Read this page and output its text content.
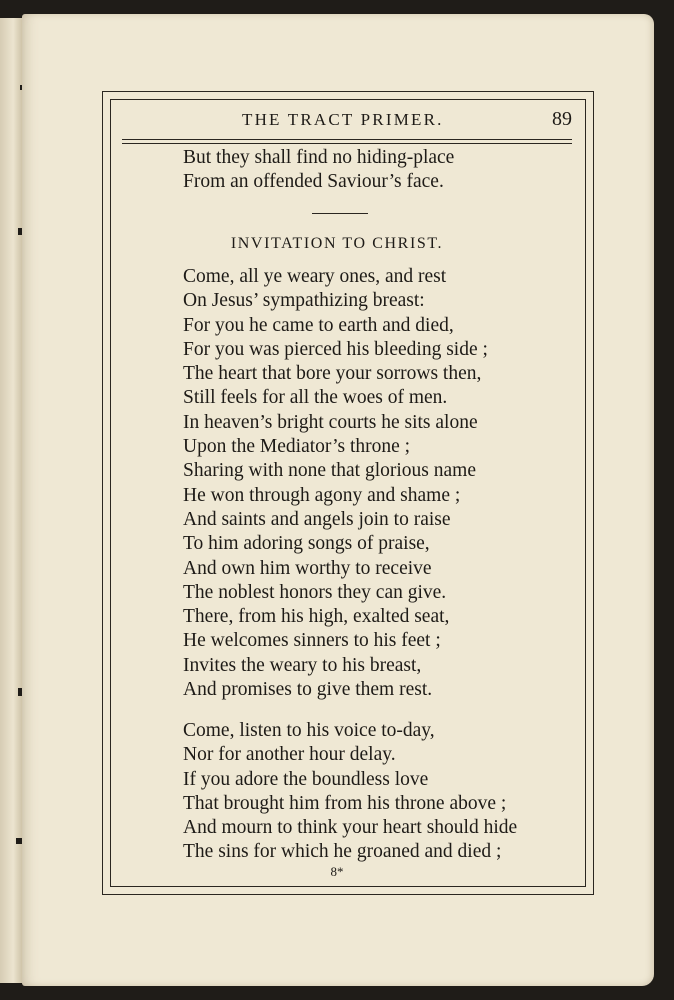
THE TRACT PRIMER.	89
But they shall find no hiding-place
From an offended Saviour’s face.
INVITATION TO CHRIST.
Come, all ye weary ones, and rest
On Jesus’ sympathizing breast:
For you he came to earth and died,
For you was pierced his bleeding side ;
The heart that bore your sorrows then,
Still feels for all the woes of men.
In heaven’s bright courts he sits alone
Upon the Mediator’s throne ;
Sharing with none that glorious name
He won through agony and shame ;
And saints and angels join to raise
To him adoring songs of praise,
And own him worthy to receive
The noblest honors they can give.
There, from his high, exalted seat,
He welcomes sinners to his feet ;
Invites the weary to his breast,
And promises to give them rest.
Come, listen to his voice to-day,
Nor for another hour delay.
If you adore the boundless love
That brought him from his throne above ;
And mourn to think your heart should hide
The sins for which he groaned and died ;
8*
